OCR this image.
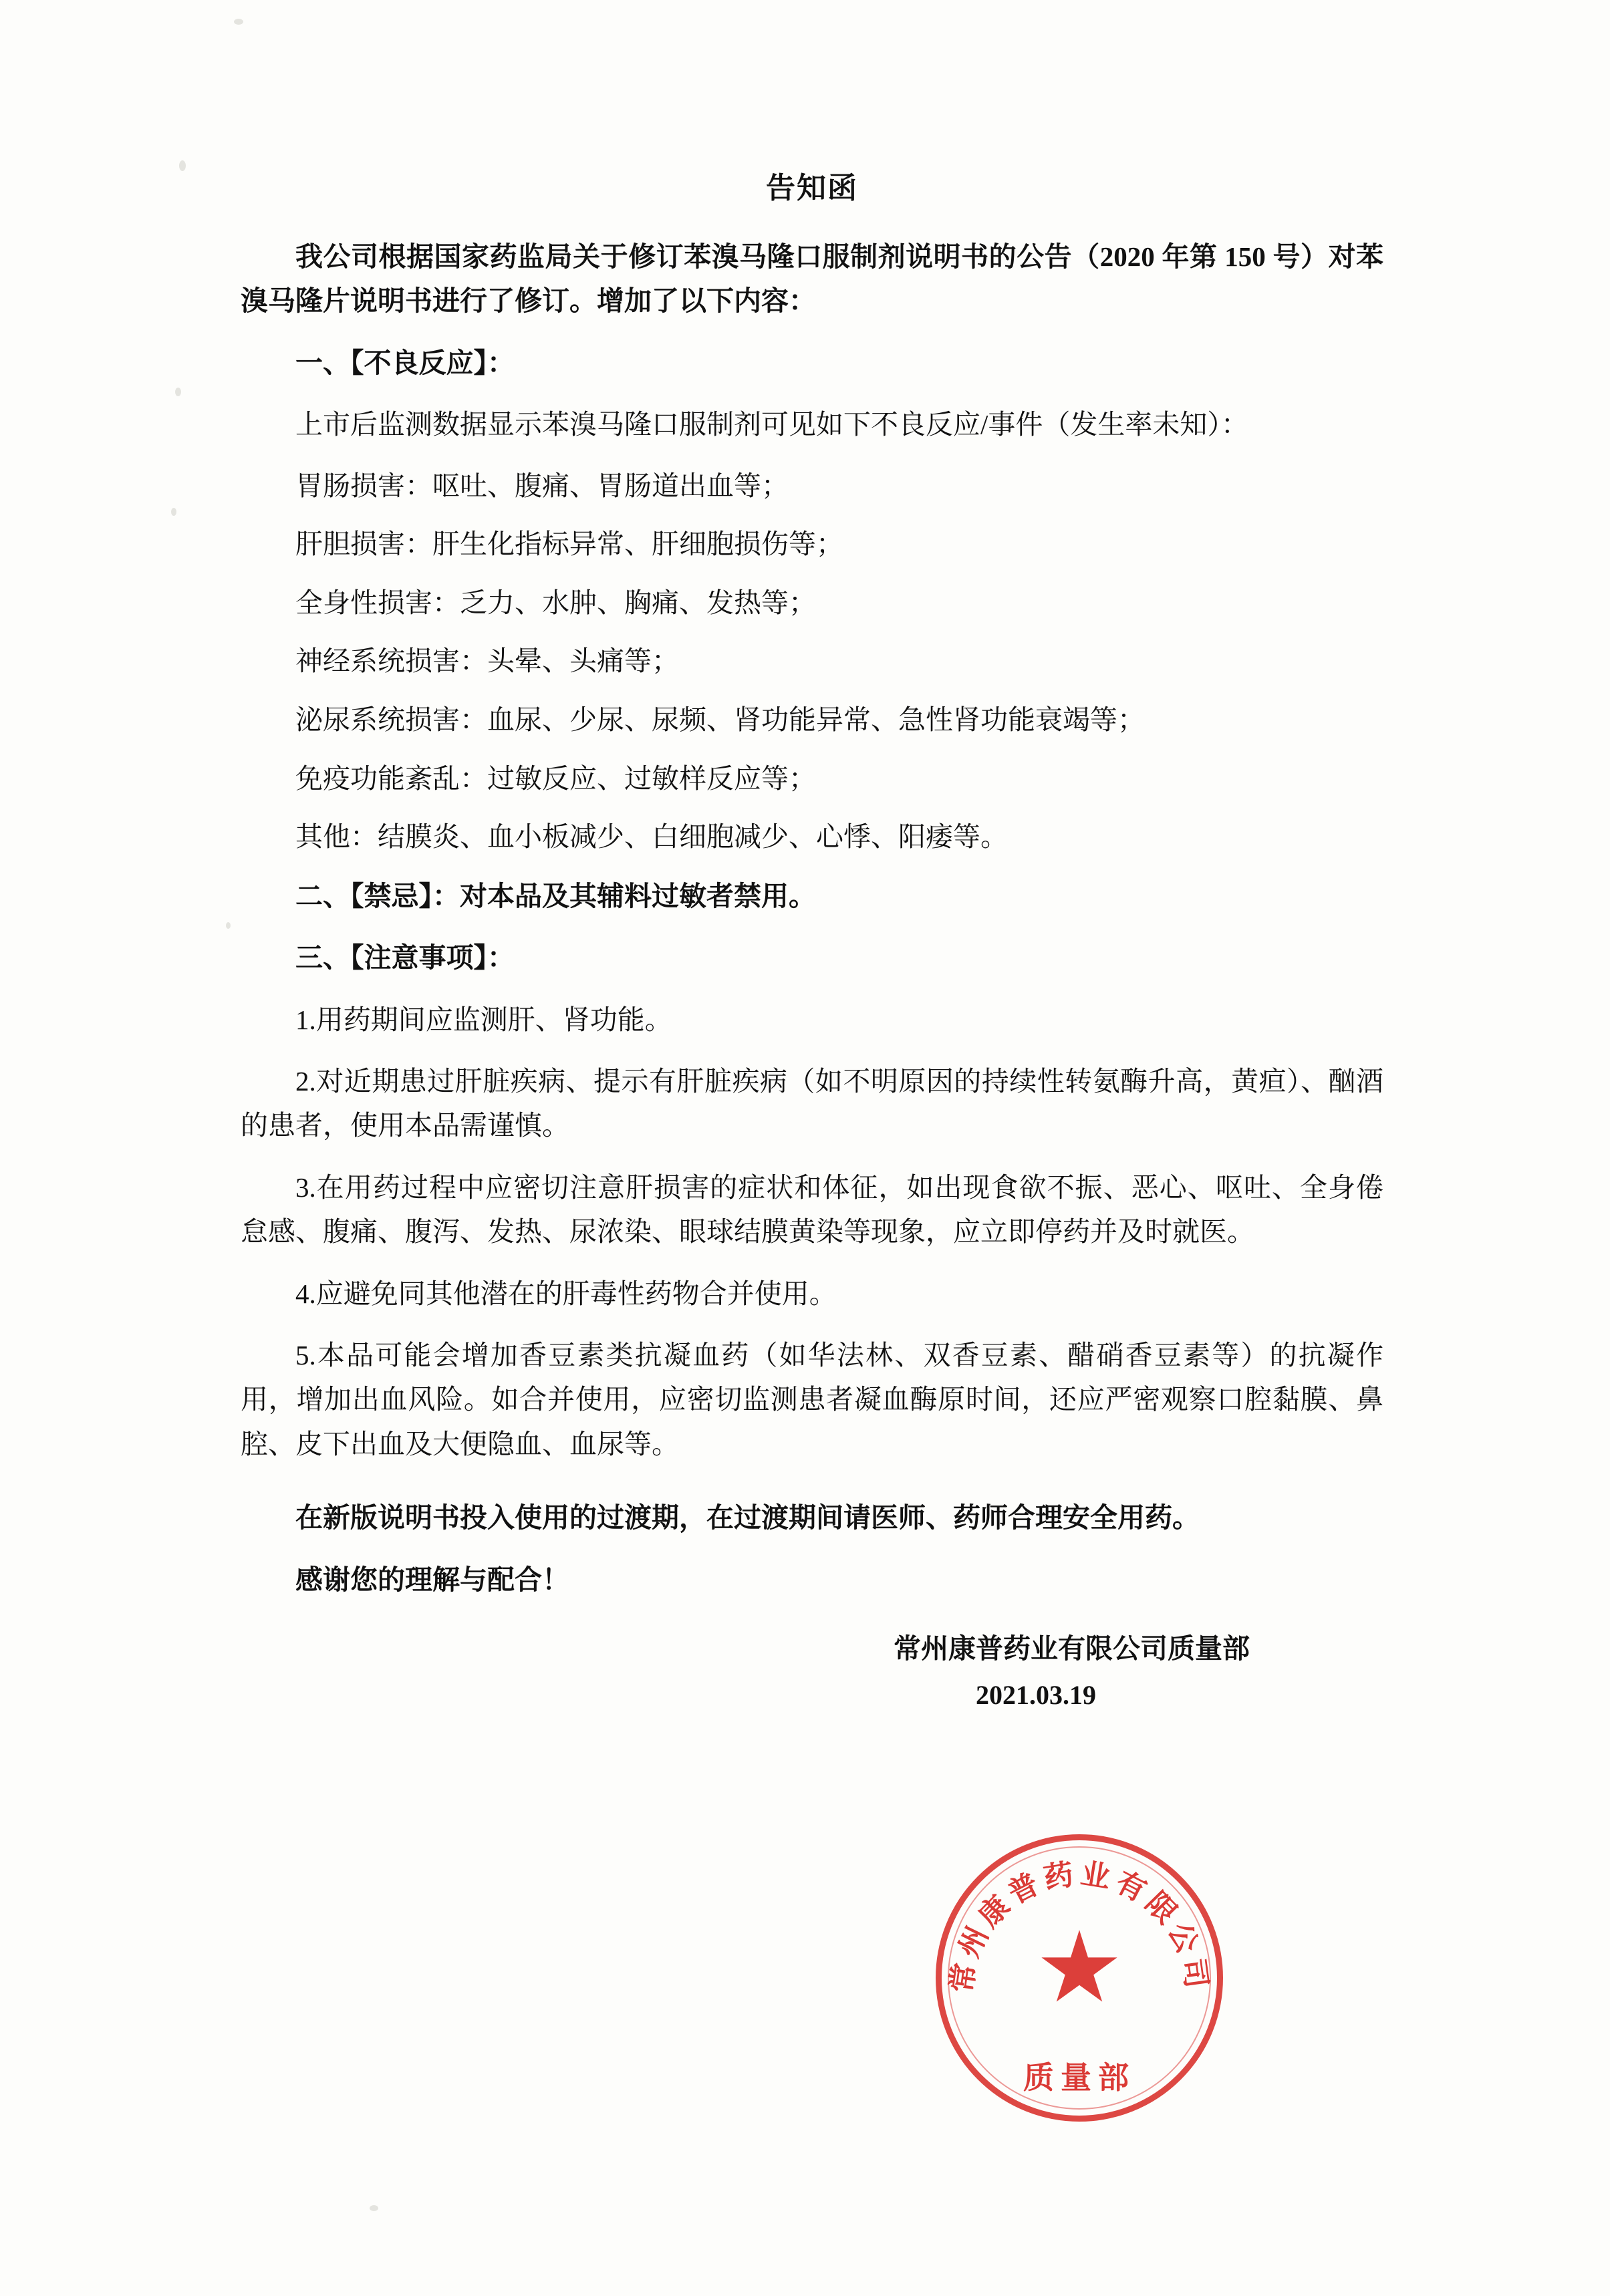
告知函

我公司根据国家药监局关于修订苯溴马隆口服制剂说明书的公告（2020 年第 150 号）对苯溴马隆片说明书进行了修订。增加了以下内容：

一、【不良反应】：

上市后监测数据显示苯溴马隆口服制剂可见如下不良反应/事件（发生率未知）：

胃肠损害：呕吐、腹痛、胃肠道出血等；

肝胆损害：肝生化指标异常、肝细胞损伤等；

全身性损害：乏力、水肿、胸痛、发热等；

神经系统损害：头晕、头痛等；

泌尿系统损害：血尿、少尿、尿频、肾功能异常、急性肾功能衰竭等；

免疫功能紊乱：过敏反应、过敏样反应等；

其他：结膜炎、血小板减少、白细胞减少、心悸、阳痿等。

二、【禁忌】：对本品及其辅料过敏者禁用。

三、【注意事项】：

1.用药期间应监测肝、肾功能。

2.对近期患过肝脏疾病、提示有肝脏疾病（如不明原因的持续性转氨酶升高，黄疸）、酗酒的患者，使用本品需谨慎。

3.在用药过程中应密切注意肝损害的症状和体征，如出现食欲不振、恶心、呕吐、全身倦怠感、腹痛、腹泻、发热、尿浓染、眼球结膜黄染等现象，应立即停药并及时就医。

4.应避免同其他潜在的肝毒性药物合并使用。

5.本品可能会增加香豆素类抗凝血药（如华法林、双香豆素、醋硝香豆素等）的抗凝作用，增加出血风险。如合并使用，应密切监测患者凝血酶原时间，还应严密观察口腔黏膜、鼻腔、皮下出血及大便隐血、血尿等。

在新版说明书投入使用的过渡期，在过渡期间请医师、药师合理安全用药。

感谢您的理解与配合！

常州康普药业有限公司质量部
2021.03.19
常州康普药业有限公司
质量部
